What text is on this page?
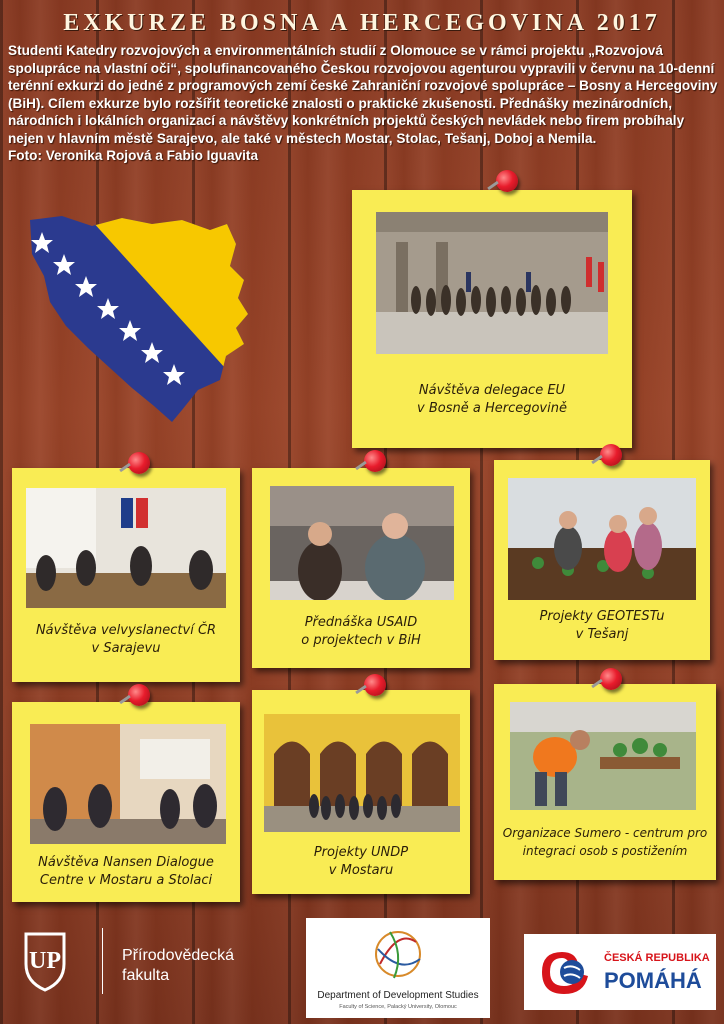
EXKURZE BOSNA A HERCEGOVINA 2017
Studenti Katedry rozvojových a environmentálních studií z Olomouce se v rámci projektu „Rozvojová spolupráce na vlastní oči“, spolufinancovaného Českou rozvojovou agenturou vypravili v červnu na 10-denní terénní exkurzi do jedné z programových zemí české Zahraniční rozvojové spolupráce – Bosny a Hercegoviny (BiH). Cílem exkurze bylo rozšířit teoretické znalosti o praktické zkušenosti. Přednášky mezinárodních, národních i lokálních organizací a návštěvy konkrétních projektů českých nevládek nebo firem probíhaly nejen v hlavním městě Sarajevo, ale také v městech Mostar, Stolac, Tešanj, Doboj a Nemila.
Foto: Veronika Rojová a Fabio Iguavita
Návštěva delegace EU
v Bosně a Hercegovině
Návštěva velvyslanectví ČR
v Sarajevu
Přednáška USAID
o projektech v BiH
Projekty GEOTESTu
v Tešanj
Návštěva Nansen Dialogue
Centre v Mostaru a Stolaci
Projekty UNDP
v Mostaru
Organizace Sumero - centrum pro
integraci osob s postižením
UP	Přírodovědecká
fakulta
Department of Development Studies
Faculty of Science, Palacký University, Olomouc
ČESKÁ REPUBLIKA
POMÁHÁ
